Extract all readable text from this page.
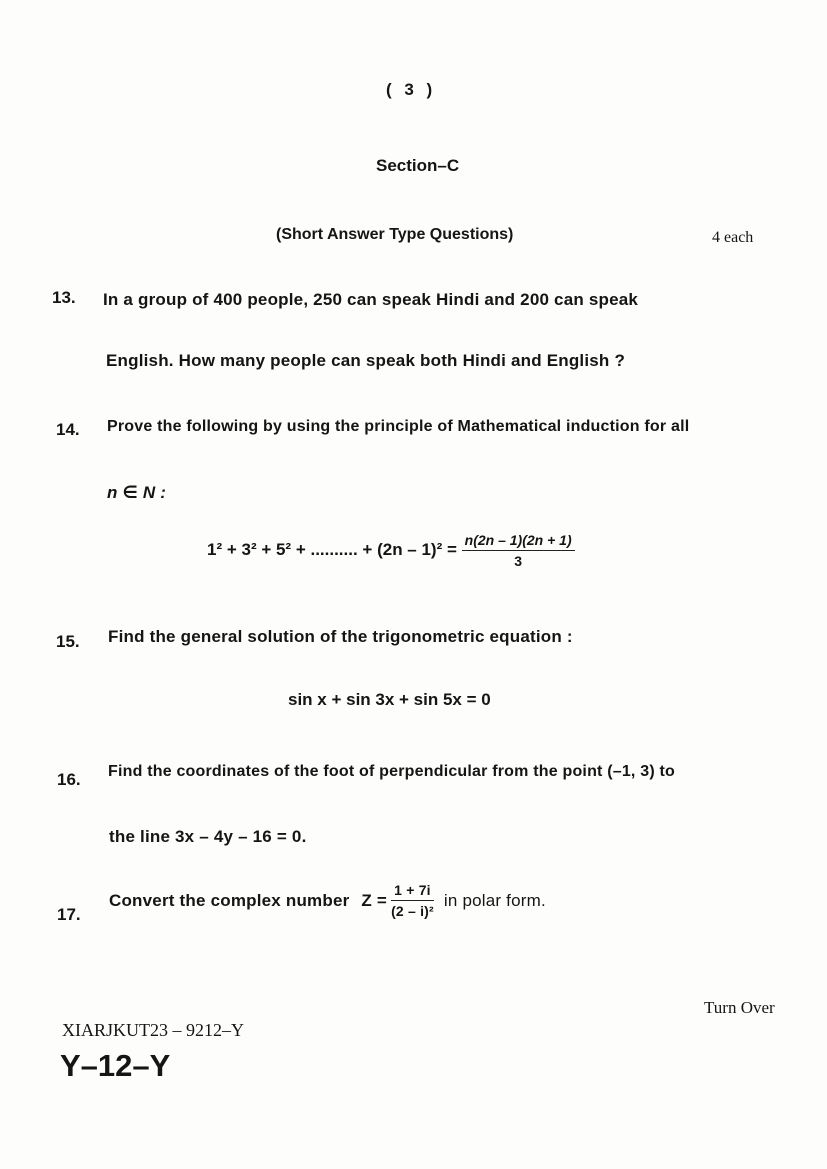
( 3 )
Section–C
(Short Answer Type Questions)	4 each
13. In a group of 400 people, 250 can speak Hindi and 200 can speak
English. How many people can speak both Hindi and English ?
14. Prove the following by using the principle of Mathematical induction for all
n ∈ N :
1² + 3² + 5² + .......... + $(2n - 1)^2 = \frac{n(2n - 1)(2n + 1)}{3}$
15. Find the general solution of the trigonometric equation :
sin x + sin 3x + sin 5x = 0
16. Find the coordinates of the foot of perpendicular from the point (–1, 3) to
the line 3x – 4y – 16 = 0.
17.
Convert the complex number $Z = \frac{1 + 7i}{\text{(2 – i)²}}$ in polar form.
Turn Over
XIARJKUT23 – 9212–Y
Y–12–Y
